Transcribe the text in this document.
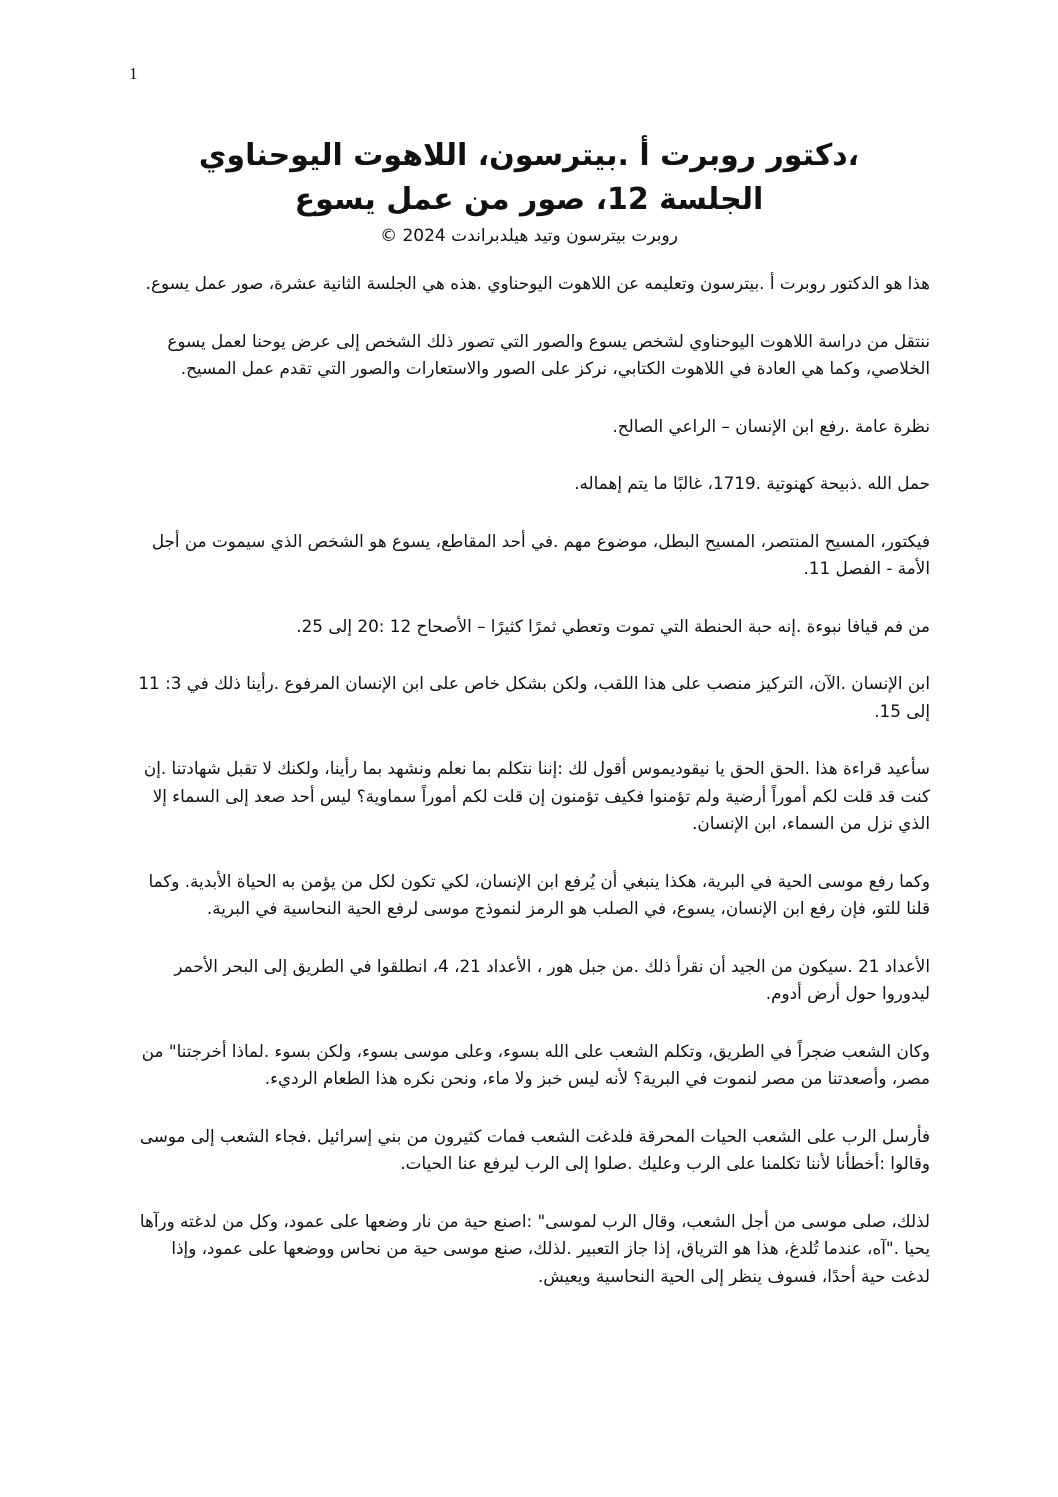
1
،دكتور روبرت أ .بيترسون، اللاهوت اليوحناوي
الجلسة 12، صور من عمل يسوع
روبرت بيترسون وتيد هيلدبراندت 2024 ©

هذا هو الدكتور روبرت أ .بيترسون وتعليمه عن اللاهوت اليوحناوي .هذه هي الجلسة الثانية عشرة، صور عمل يسوع.

ننتقل من دراسة اللاهوت اليوحناوي لشخص يسوع والصور التي تصور ذلك الشخص إلى عرض يوحنا لعمل يسوع الخلاصي، وكما هي العادة في اللاهوت الكتابي، نركز على الصور والاستعارات والصور التي تقدم عمل المسيح.

نظرة عامة .رفع ابن الإنسان – الراعي الصالح.

حمل الله .ذبيحة كهنوتية .1719، غالبًا ما يتم إهماله.

فيكتور، المسيح المنتصر، المسيح البطل، موضوع مهم .في أحد المقاطع، يسوع هو الشخص الذي سيموت من أجل الأمة - الفصل 11.

من فم قيافا نبوءة .إنه حبة الحنطة التي تموت وتعطي ثمرًا كثيرًا – الأصحاح 12 :20 إلى 25.

ابن الإنسان .الآن، التركيز منصب على هذا اللقب، ولكن بشكل خاص على ابن الإنسان المرفوع .رأينا ذلك في 3: 11 إلى 15.

سأعيد قراءة هذا .الحق الحق يا نيقوديموس أقول لك :إننا نتكلم بما نعلم ونشهد بما رأينا، ولكنك لا تقبل شهادتنا .إن كنت قد قلت لكم أموراً أرضية ولم تؤمنوا فكيف تؤمنون إن قلت لكم أموراً سماوية؟ ليس أحد صعد إلى السماء إلا الذي نزل من السماء، ابن الإنسان.

وكما رفع موسى الحية في البرية، هكذا ينبغي أن يُرفع ابن الإنسان، لكي تكون لكل من يؤمن به الحياة الأبدية. وكما قلنا للتو، فإن رفع ابن الإنسان، يسوع، في الصلب هو الرمز لنموذج موسى لرفع الحية النحاسية في البرية.

الأعداد 21 .سيكون من الجيد أن نقرأ ذلك .من جبل هور ، الأعداد 21، 4، انطلقوا في الطريق إلى البحر الأحمر ليدوروا حول أرض أدوم.

وكان الشعب ضجراً في الطريق، وتكلم الشعب على الله بسوء، وعلى موسى بسوء، ولكن بسوء .لماذا أخرجتنا" من مصر، وأصعدتنا من مصر لنموت في البرية؟ لأنه ليس خبز ولا ماء، ونحن نكره هذا الطعام الرديء.

فأرسل الرب على الشعب الحيات المحرقة فلدغت الشعب فمات كثيرون من بني إسرائيل .فجاء الشعب إلى موسى وقالوا :أخطأنا لأننا تكلمنا على الرب وعليك .صلوا إلى الرب ليرفع عنا الحيات.

لذلك، صلى موسى من أجل الشعب، وقال الرب لموسى" :اصنع حية من نار وضعها على عمود، وكل من لدغته ورآها يحيا ."آه، عندما تُلدغ، هذا هو الترياق، إذا جاز التعبير .لذلك، صنع موسى حية من نحاس ووضعها على عمود، وإذا لدغت حية أحدًا، فسوف ينظر إلى الحية النحاسية ويعيش.
